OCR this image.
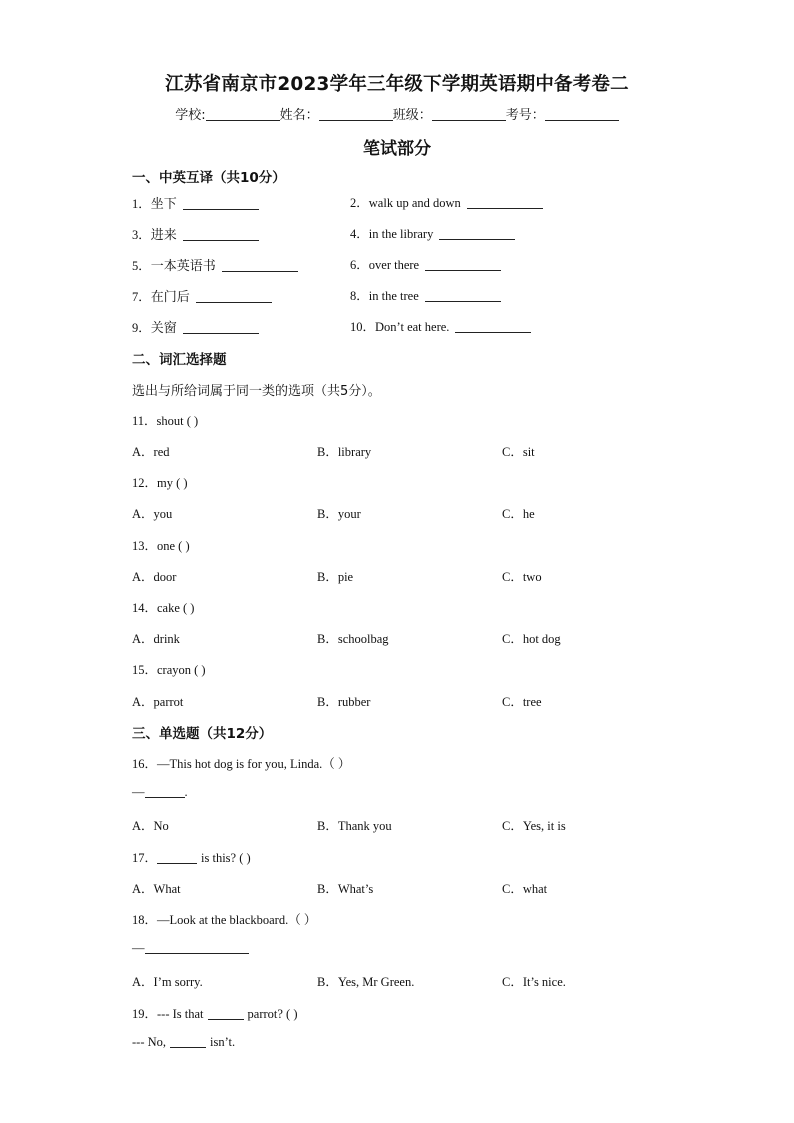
江苏省南京市2023学年三年级下学期英语期中备考卷二
学校:	姓名：	班级：	考号：
笔试部分
一、中英互译（共10分）
1．坐下	2．walk up and down
3．进来	4．in the library
5．一本英语书	6．over there
7．在门后	8．in the tree
9．关窗	10．Don’t eat here.
二、词汇选择题
选出与所给词属于同一类的选项（共5分）。
11．shout ( )
A．red	B．library	C．sit
12．my ( )
A．you	B．your	C．he
13．one ( )
A．door	B．pie	C．two
14．cake ( )
A．drink	B．schoolbag	C．hot dog
15．crayon ( )
A．parrot	B．rubber	C．tree
三、单选题（共12分）
16．—This hot dog is for you, Linda.（ ）
—	.
A．No	B．Thank you	C．Yes, it is
17．	is this? ( )
A．What	B．What’s	C．what
18．—Look at the blackboard.（ ）
—
A．I’m sorry.	B．Yes, Mr Green.	C．It’s nice.
19．--- Is that	parrot? ( )
--- No,	isn’t.
